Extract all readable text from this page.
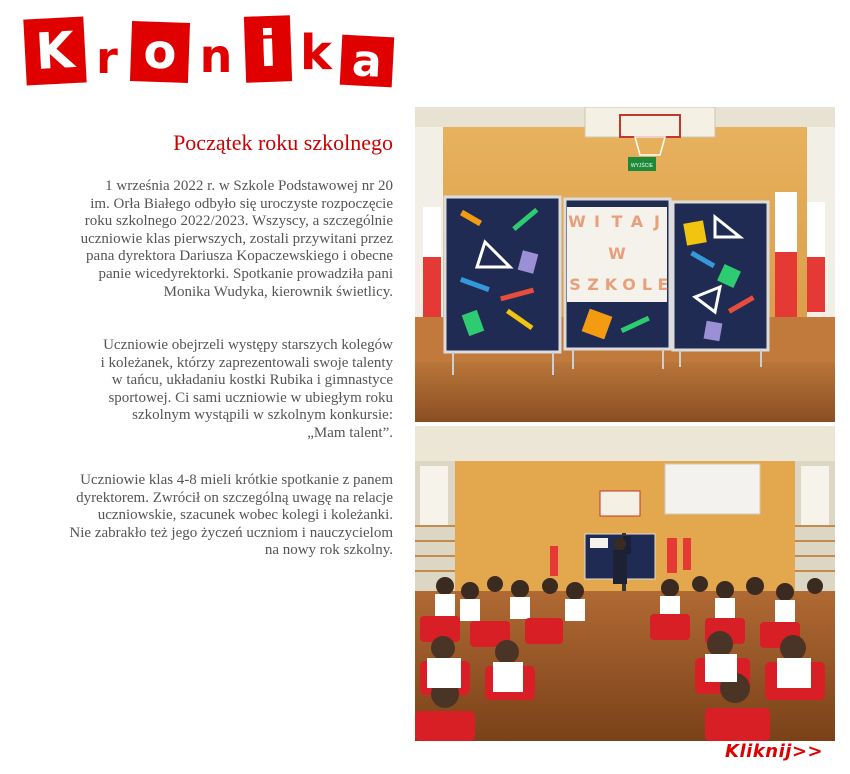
K r o n i k a
Początek roku szkolnego

1 września 2022 r. w Szkole Podstawowej nr 20
im. Orła Białego odbyło się uroczyste rozpoczęcie
roku szkolnego 2022/2023. Wszyscy, a szczególnie
uczniowie klas pierwszych, zostali przywitani przez
pana dyrektora Dariusza Kopaczewskiego i obecne
panie wicedyrektorki. Spotkanie prowadziła pani
Monika Wudyka, kierownik świetlicy.

Uczniowie obejrzeli występy starszych kolegów
i koleżanek, którzy zaprezentowali swoje talenty
w tańcu, układaniu kostki Rubika i gimnastyce
sportowej. Ci sami uczniowie w ubiegłym roku
szkolnym wystąpili w szkolnym konkursie:
„Mam talent”.

Uczniowie klas 4-8 mieli krótkie spotkanie z panem
dyrektorem. Zwrócił on szczególną uwagę na relacje
uczniowskie, szacunek wobec kolegi i koleżanki.
Nie zabrakło też jego życzeń uczniom i nauczycielom
na nowy rok szkolny.

WYJŚCIE
W I T A J
W
S Z K O L E
Kliknij>>
